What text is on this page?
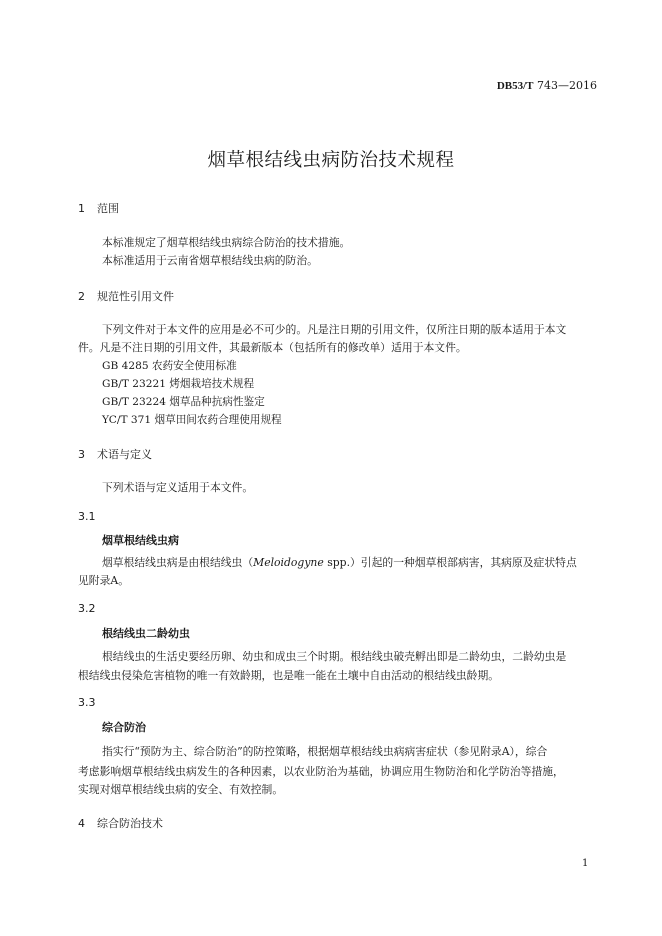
DB53/T 743—2016
烟草根结线虫病防治技术规程
1 范围
本标准规定了烟草根结线虫病综合防治的技术措施。
本标准适用于云南省烟草根结线虫病的防治。
2 规范性引用文件
下列文件对于本文件的应用是必不可少的。凡是注日期的引用文件，仅所注日期的版本适用于本文
件。凡是不注日期的引用文件，其最新版本（包括所有的修改单）适用于本文件。
GB 4285 农药安全使用标准
GB/T 23221 烤烟栽培技术规程
GB/T 23224 烟草品种抗病性鉴定
YC/T 371 烟草田间农药合理使用规程
3 术语与定义
下列术语与定义适用于本文件。
3.1
烟草根结线虫病
烟草根结线虫病是由根结线虫（Meloidogyne spp.）引起的一种烟草根部病害，其病原及症状特点
见附录A。
3.2
根结线虫二龄幼虫
根结线虫的生活史要经历卵、幼虫和成虫三个时期。根结线虫破壳孵出即是二龄幼虫，二龄幼虫是
根结线虫侵染危害植物的唯一有效龄期，也是唯一能在土壤中自由活动的根结线虫龄期。
3.3
综合防治
指实行“预防为主、综合防治”的防控策略，根据烟草根结线虫病病害症状（参见附录A），综合
考虑影响烟草根结线虫病发生的各种因素，以农业防治为基础，协调应用生物防治和化学防治等措施，
实现对烟草根结线虫病的安全、有效控制。
4 综合防治技术
1
